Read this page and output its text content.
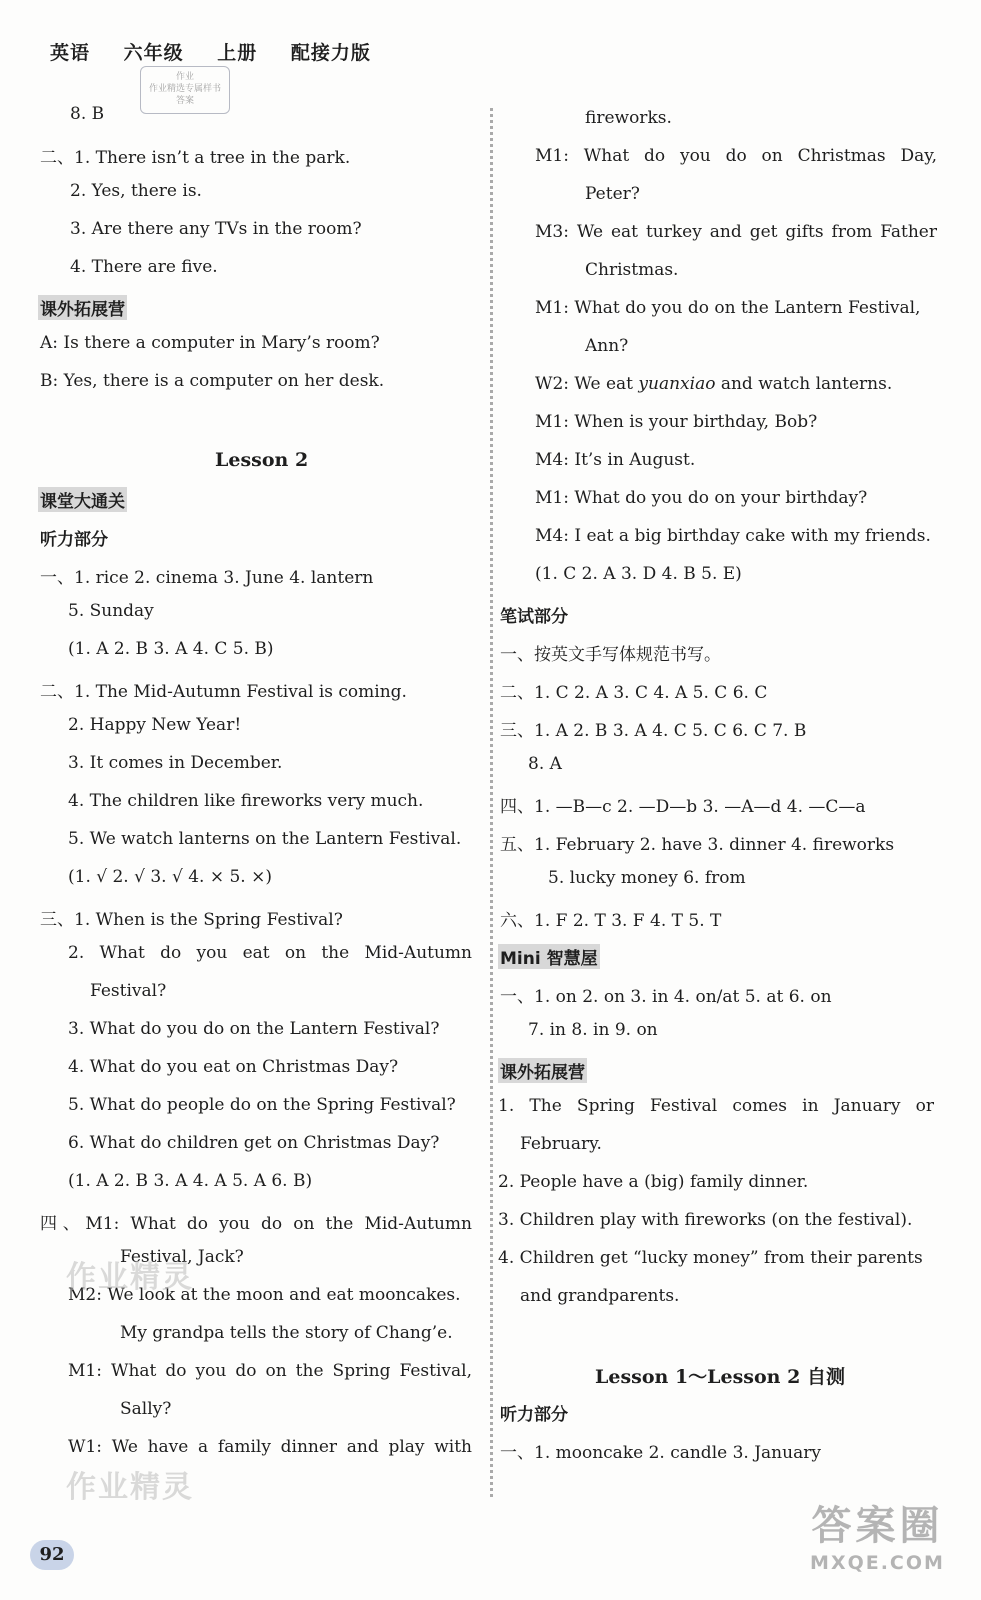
英语 六年级 上册 配接力版
作业
作业精选专属样书
答案
8. B
二、1. There isn’t a tree in the park.
2. Yes, there is.
3. Are there any TVs in the room?
4. There are five.
课外拓展营
A: Is there a computer in Mary’s room?
B: Yes, there is a computer on her desk.
Lesson 2
课堂大通关
听力部分
一、1. rice 2. cinema 3. June 4. lantern
5. Sunday
(1. A 2. B 3. A 4. C 5. B)
二、1. The Mid-Autumn Festival is coming.
2. Happy New Year!
3. It comes in December.
4. The children like fireworks very much.
5. We watch lanterns on the Lantern Festival.
(1. √ 2. √ 3. √ 4. × 5. ×)
三、1. When is the Spring Festival?
2. What do you eat on the Mid-Autumn
Festival?
3. What do you do on the Lantern Festival?
4. What do you eat on Christmas Day?
5. What do people do on the Spring Festival?
6. What do children get on Christmas Day?
(1. A 2. B 3. A 4. A 5. A 6. B)
四、M1: What do you do on the Mid-Autumn
Festival, Jack?
M2: We look at the moon and eat mooncakes.
My grandpa tells the story of Chang’e.
M1: What do you do on the Spring Festival,
Sally?
W1: We have a family dinner and play with
fireworks.
M1: What do you do on Christmas Day,
Peter?
M3: We eat turkey and get gifts from Father
Christmas.
M1: What do you do on the Lantern Festival,
Ann?
W2: We eat yuanxiao and watch lanterns.
M1: When is your birthday, Bob?
M4: It’s in August.
M1: What do you do on your birthday?
M4: I eat a big birthday cake with my friends.
(1. C 2. A 3. D 4. B 5. E)
笔试部分
一、按英文手写体规范书写。
二、1. C 2. A 3. C 4. A 5. C 6. C
三、1. A 2. B 3. A 4. C 5. C 6. C 7. B
8. A
四、1. —B—c 2. —D—b 3. —A—d 4. —C—a
五、1. February 2. have 3. dinner 4. fireworks
5. lucky money 6. from
六、1. F 2. T 3. F 4. T 5. T
Mini 智慧屋
一、1. on 2. on 3. in 4. on/at 5. at 6. on
7. in 8. in 9. on
课外拓展营
1. The Spring Festival comes in January or
February.
2. People have a (big) family dinner.
3. Children play with fireworks (on the festival).
4. Children get “lucky money” from their parents
and grandparents.
Lesson 1～Lesson 2 自测
听力部分
一、1. mooncake 2. candle 3. January
作业精灵
作业精灵
92
答案圈
MXQE.COM
